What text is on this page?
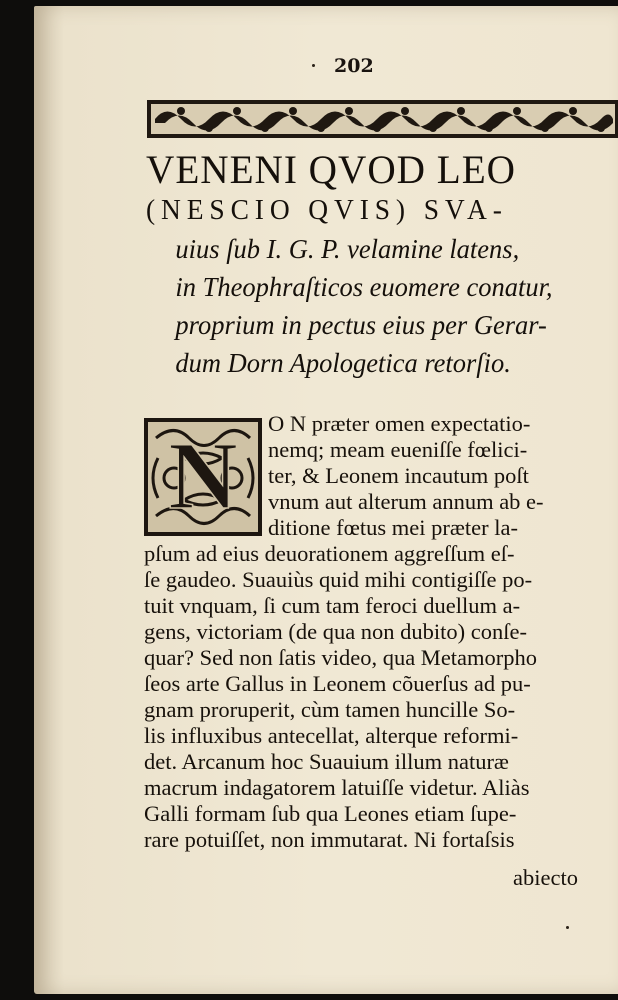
202
VENENI QVOD LEO
(NESCIO QVIS) SVA-
uius ſub I. G. P. velamine latens,
in Theophraſticos euomere conatur,
proprium in pectus eius per Gerar-
dum Dorn Apologetica retorſio.
N O N præter omen expectatio-
nemq; meam eueniſſe fœlici-
ter, & Leonem incautum poſt
vnum aut alterum annum ab e-
ditione fœtus mei præter la-
pſum ad eius deuorationem aggreſſum eſ-
ſe gaudeo. Suauiùs quid mihi contigiſſe po-
tuit vnquam, ſi cum tam feroci duellum a-
gens, victoriam (de qua non dubito) conſe-
quar? Sed non ſatis video, qua Metamorpho
ſeos arte Gallus in Leonem cõuerſus ad pu-
gnam proruperit, cùm tamen huncille So-
lis influxibus antecellat, alterque reformi-
det. Arcanum hoc Suauium illum naturæ
macrum indagatorem latuiſſe videtur. Aliàs
Galli formam ſub qua Leones etiam ſupe-
rare potuiſſet, non immutarat. Ni fortaſsis
abiecto
